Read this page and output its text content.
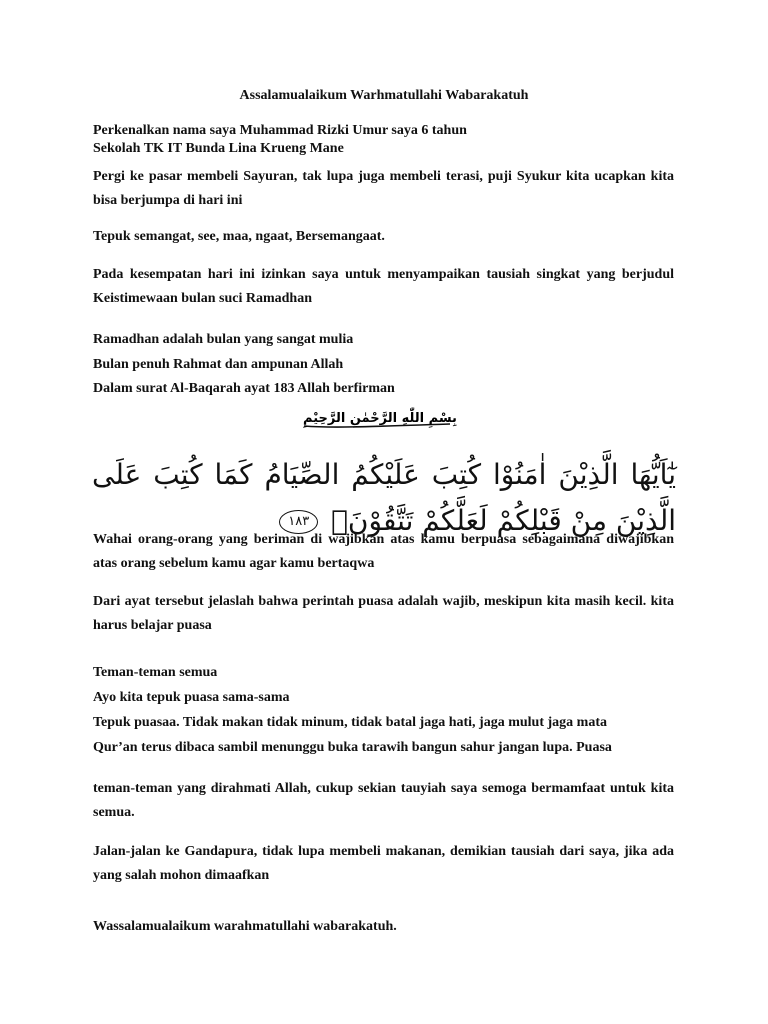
Assalamualaikum Warhmatullahi Wabarakatuh

Perkenalkan nama saya Muhammad Rizki Umur saya 6 tahun
Sekolah TK IT Bunda Lina Krueng Mane

Pergi ke pasar membeli Sayuran, tak lupa juga membeli terasi, puji Syukur kita ucapkan kita bisa berjumpa di hari ini

Tepuk semangat, see, maa, ngaat, Bersemangaat.

Pada kesempatan hari ini izinkan saya untuk menyampaikan tausiah singkat yang berjudul Keistimewaan bulan suci Ramadhan

Ramadhan adalah bulan yang sangat mulia
Bulan penuh Rahmat dan ampunan Allah
Dalam surat Al-Baqarah ayat 183 Allah berfirman
بِسْمِ اللّٰهِ الرَّحْمٰنِ الرَّحِيْمِ
يٰٓاَيُّهَا الَّذِيْنَ اٰمَنُوْا كُتِبَ عَلَيْكُمُ الصِّيَامُ كَمَا كُتِبَ عَلَى الَّذِيْنَ مِنْ قَبْلِكُمْ لَعَلَّكُمْ تَتَّقُوْنَۙ ١٨٣

Wahai orang-orang yang beriman di wajibkan atas kamu berpuasa sebagaimana diwajibkan atas orang sebelum kamu agar kamu bertaqwa

Dari ayat tersebut jelaslah bahwa perintah puasa adalah wajib, meskipun kita masih kecil. kita harus belajar puasa

Teman-teman semua
Ayo kita tepuk puasa sama-sama
Tepuk puasaa. Tidak makan tidak minum, tidak batal jaga hati, jaga mulut jaga mata
Qur’an terus dibaca sambil menunggu buka tarawih bangun sahur jangan lupa. Puasa

teman-teman yang dirahmati Allah, cukup sekian tauyiah saya semoga bermamfaat untuk kita semua.

Jalan-jalan ke Gandapura, tidak lupa membeli makanan, demikian tausiah dari saya, jika ada yang salah mohon dimaafkan

Wassalamualaikum warahmatullahi wabarakatuh.
